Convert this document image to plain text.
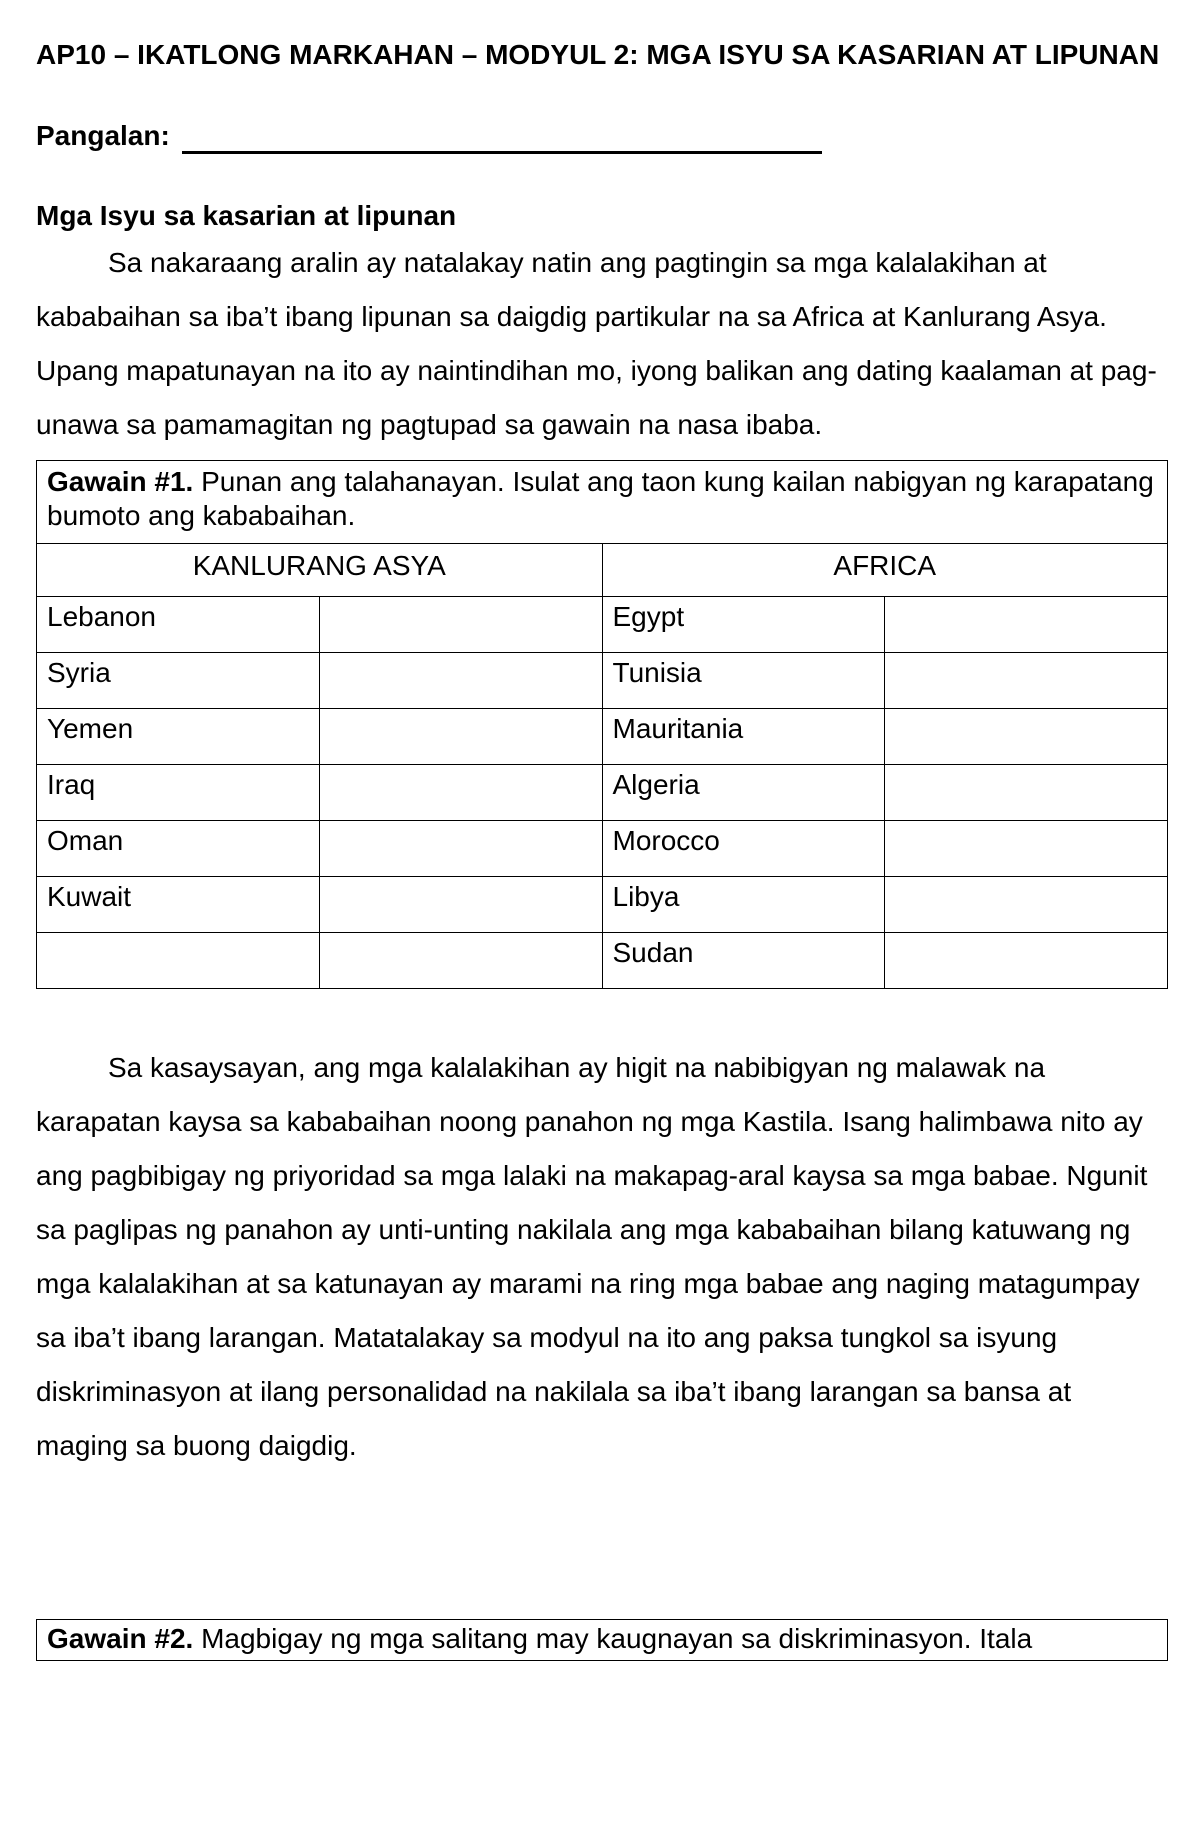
AP10 – IKATLONG MARKAHAN – MODYUL 2: MGA ISYU SA KASARIAN AT LIPUNAN
Pangalan:
Mga Isyu sa kasarian at lipunan

Sa nakaraang aralin ay natalakay natin ang pagtingin sa mga kalalakihan at kababaihan sa iba’t ibang lipunan sa daigdig partikular na sa Africa at Kanlurang Asya. Upang mapatunayan na ito ay naintindihan mo, iyong balikan ang dating kaalaman at pag-unawa sa pamamagitan ng pagtupad sa gawain na nasa ibaba.

Gawain #1. Punan ang talahanayan. Isulat ang taon kung kailan nabigyan ng karapatang bumoto ang kababaihan.			
KANLURANG ASYA		AFRICA	
Lebanon		Egypt	
Syria		Tunisia	
Yemen		Mauritania	
Iraq		Algeria	
Oman		Morocco	
Kuwait		Libya	
		Sudan	

Sa kasaysayan, ang mga kalalakihan ay higit na nabibigyan ng malawak na karapatan kaysa sa kababaihan noong panahon ng mga Kastila. Isang halimbawa nito ay ang pagbibigay ng priyoridad sa mga lalaki na makapag-aral kaysa sa mga babae. Ngunit sa paglipas ng panahon ay unti-unting nakilala ang mga kababaihan bilang katuwang ng mga kalalakihan at sa katunayan ay marami na ring mga babae ang naging matagumpay sa iba’t ibang larangan. Matatalakay sa modyul na ito ang paksa tungkol sa isyung diskriminasyon at ilang personalidad na nakilala sa iba’t ibang larangan sa bansa at maging sa buong daigdig.

Gawain #2. Magbigay ng mga salitang may kaugnayan sa diskriminasyon. Itala
